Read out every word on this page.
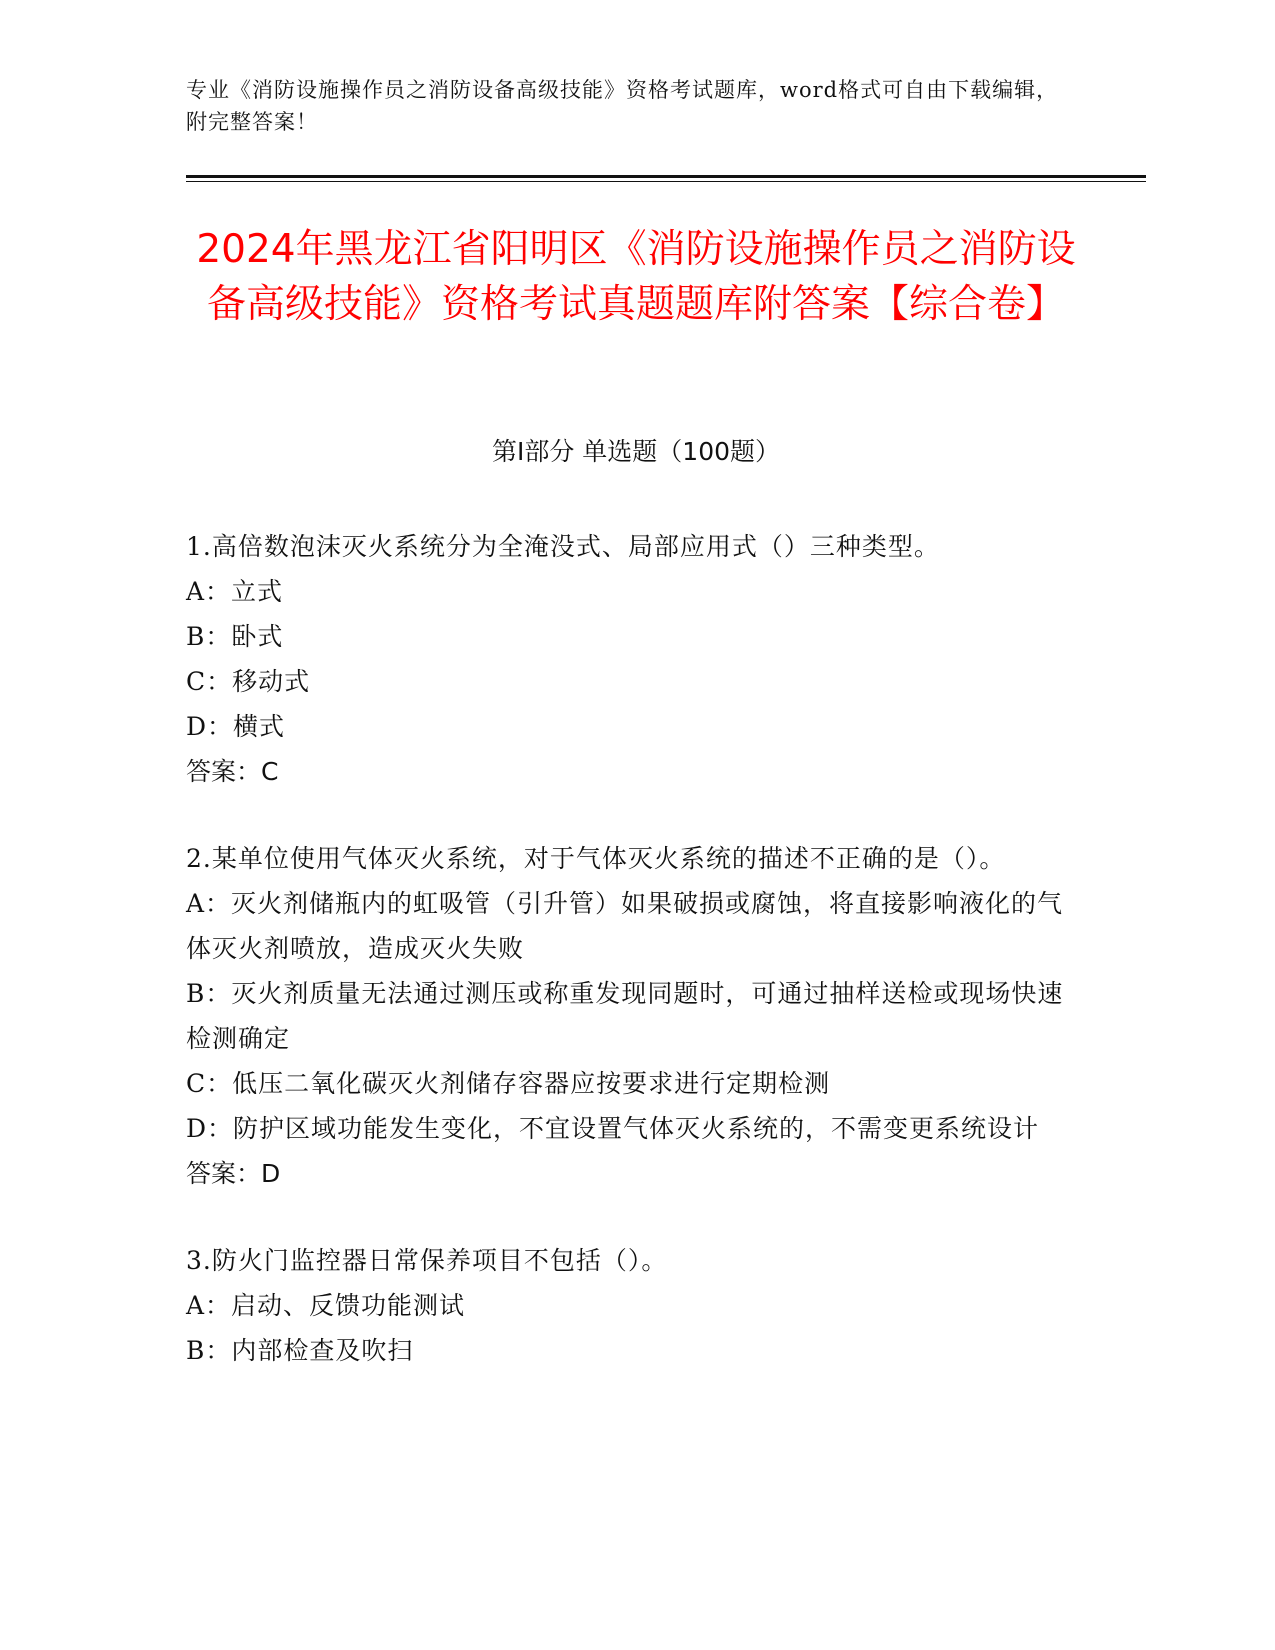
专业《消防设施操作员之消防设备高级技能》资格考试题库，word格式可自由下载编辑，附完整答案！
2024年黑龙江省阳明区《消防设施操作员之消防设备高级技能》资格考试真题题库附答案【综合卷】
第Ⅰ部分 单选题（100题）

1.高倍数泡沫灭火系统分为全淹没式、局部应用式（）三种类型。

A：立式

B：卧式

C：移动式

D：横式

答案：C

2.某单位使用气体灭火系统，对于气体灭火系统的描述不正确的是（）。

A：灭火剂储瓶内的虹吸管（引升管）如果破损或腐蚀，将直接影响液化的气体灭火剂喷放，造成灭火失败

B：灭火剂质量无法通过测压或称重发现同题时，可通过抽样送检或现场快速检测确定

C：低压二氧化碳灭火剂储存容器应按要求进行定期检测

D：防护区域功能发生变化，不宜设置气体灭火系统的，不需变更系统设计

答案：D

3.防火门监控器日常保养项目不包括（）。

A：启动、反馈功能测试

B：内部检查及吹扫
